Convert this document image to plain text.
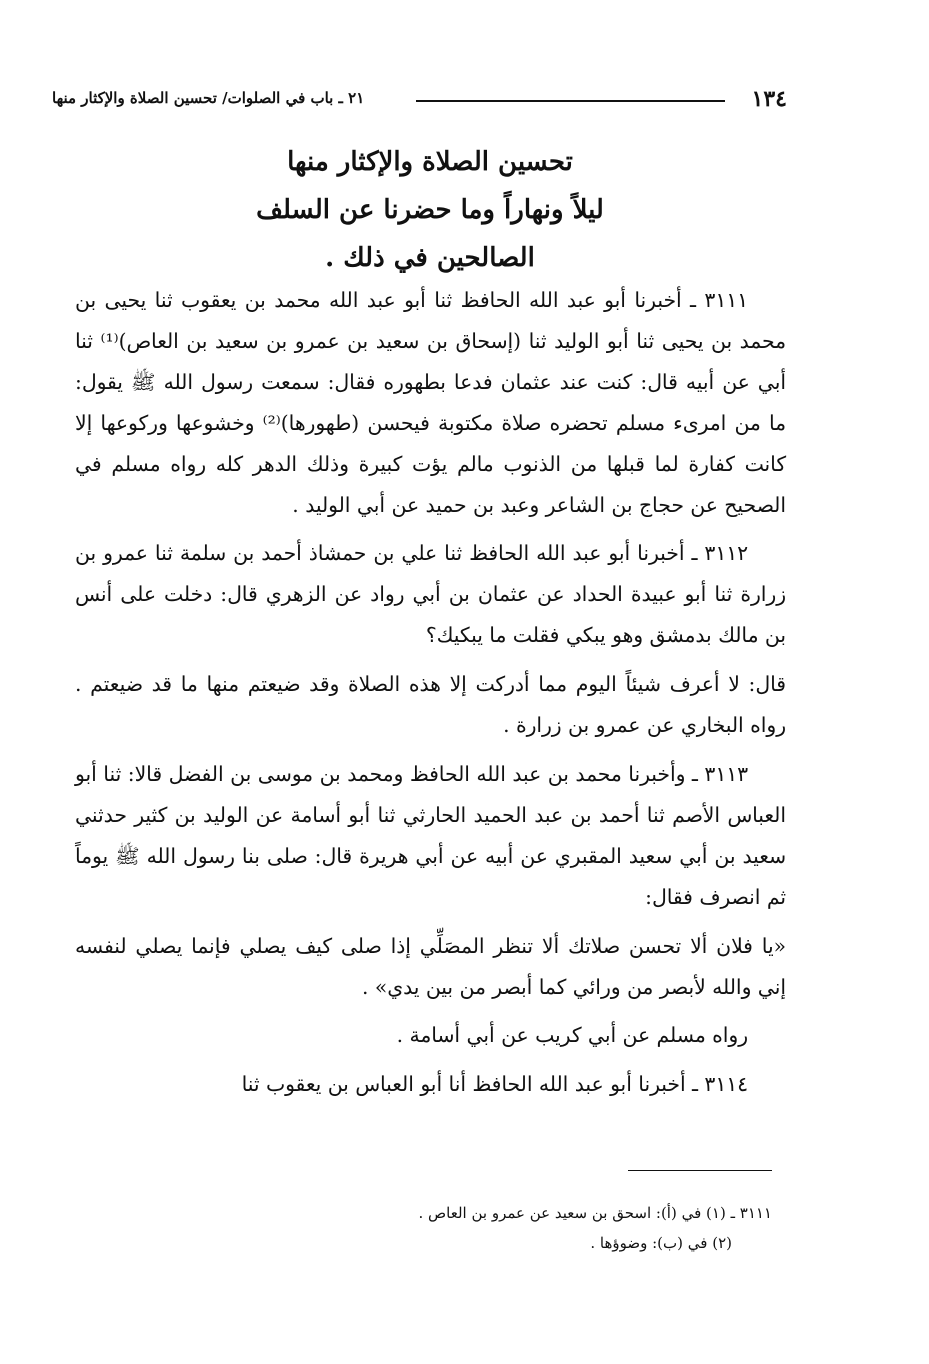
١٣٤
٢١ ـ باب في الصلوات/ تحسين الصلاة والإكثار منها
تحسين الصلاة والإكثار منها
ليلاً ونهاراً وما حضرنا عن السلف
الصالحين في ذلك .

٣١١١ ـ أخبرنا أبو عبد الله الحافظ ثنا أبو عبد الله محمد بن يعقوب ثنا يحيى بن محمد بن يحيى ثنا أبو الوليد ثنا (إسحاق بن سعيد بن عمرو بن سعيد بن العاص)⁽¹⁾ ثنا أبي عن أبيه قال: كنت عند عثمان فدعا بطهوره فقال: سمعت رسول الله ﷺ يقول: ما من امرىء مسلم تحضره صلاة مكتوبة فيحسن (طهورها)⁽²⁾ وخشوعها وركوعها إلا كانت كفارة لما قبلها من الذنوب مالم يؤت كبيرة وذلك الدهر كله رواه مسلم في الصحيح عن حجاج بن الشاعر وعبد بن حميد عن أبي الوليد .

٣١١٢ ـ أخبرنا أبو عبد الله الحافظ ثنا علي بن حمشاذ أحمد بن سلمة ثنا عمرو بن زرارة ثنا أبو عبيدة الحداد عن عثمان بن أبي رواد عن الزهري قال: دخلت على أنس بن مالك بدمشق وهو يبكي فقلت ما يبكيك؟

قال: لا أعرف شيئاً اليوم مما أدركت إلا هذه الصلاة وقد ضيعتم منها ما قد ضيعتم . رواه البخاري عن عمرو بن زرارة .

٣١١٣ ـ وأخبرنا محمد بن عبد الله الحافظ ومحمد بن موسى بن الفضل قالا: ثنا أبو العباس الأصم ثنا أحمد بن عبد الحميد الحارثي ثنا أبو أسامة عن الوليد بن كثير حدثني سعيد بن أبي سعيد المقبري عن أبيه عن أبي هريرة قال: صلى بنا رسول الله ﷺ يوماً ثم انصرف فقال:

«يا فلان ألا تحسن صلاتك ألا تنظر المصَلِّي إذا صلى كيف يصلي فإنما يصلي لنفسه إني والله لأبصر من ورائي كما أبصر من بين يدي» .

رواه مسلم عن أبي كريب عن أبي أسامة .

٣١١٤ ـ أخبرنا أبو عبد الله الحافظ أنا أبو العباس بن يعقوب ثنا

٣١١١ ـ (١) في (أ): اسحق بن سعيد عن عمرو بن العاص .
(٢) في (ب): وضوؤها .
